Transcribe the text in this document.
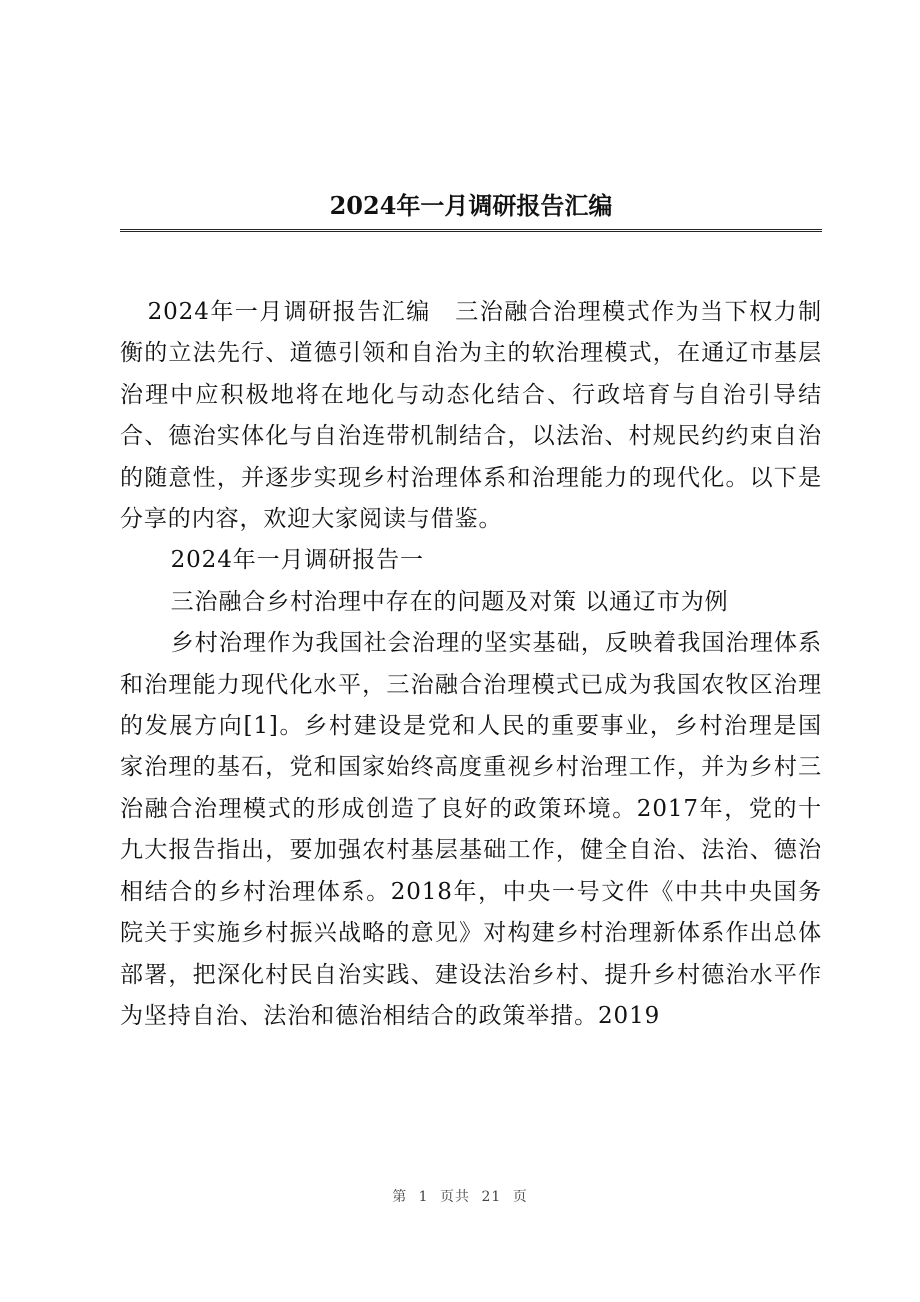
2024年一月调研报告汇编

2024年一月调研报告汇编　三治融合治理模式作为当下权力制衡的立法先行、道德引领和自治为主的软治理模式，在通辽市基层治理中应积极地将在地化与动态化结合、行政培育与自治引导结合、德治实体化与自治连带机制结合，以法治、村规民约约束自治的随意性，并逐步实现乡村治理体系和治理能力的现代化。以下是分享的内容，欢迎大家阅读与借鉴。

2024年一月调研报告一

三治融合乡村治理中存在的问题及对策 以通辽市为例

乡村治理作为我国社会治理的坚实基础，反映着我国治理体系和治理能力现代化水平，三治融合治理模式已成为我国农牧区治理的发展方向[1]。乡村建设是党和人民的重要事业，乡村治理是国家治理的基石，党和国家始终高度重视乡村治理工作，并为乡村三治融合治理模式的形成创造了良好的政策环境。2017年，党的十九大报告指出，要加强农村基层基础工作，健全自治、法治、德治相结合的乡村治理体系。2018年，中央一号文件《中共中央国务院关于实施乡村振兴战略的意见》对构建乡村治理新体系作出总体部署，把深化村民自治实践、建设法治乡村、提升乡村德治水平作为坚持自治、法治和德治相结合的政策举措。2019

第 1 页共 21 页
